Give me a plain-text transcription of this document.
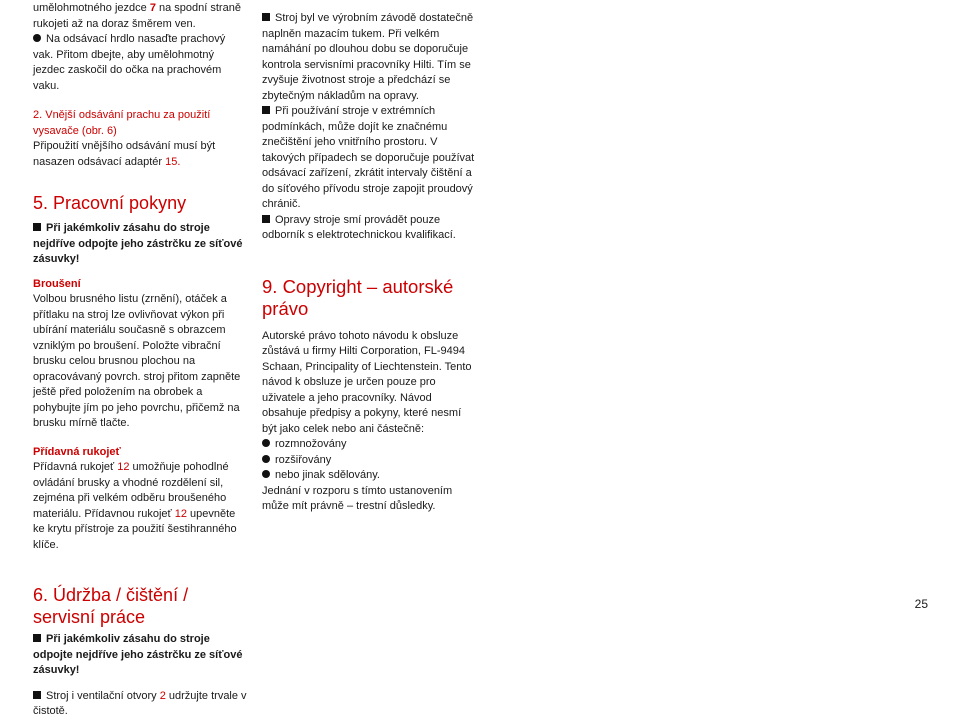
umělohmotného jezdce 7 na spodní straně rukojeti až na doraz šměrem ven.

Na odsávací hrdlo nasaďte prachový vak. Přitom dbejte, aby umělohmotný jezdec zaskočil do očka na prachovém vaku.

2. Vnější odsávání prachu za použití vysavače (obr. 6)

Připoužití vnějšího odsávání musí být nasazen odsávací adaptér 15.

5. Pracovní pokyny

Při jakémkoliv zásahu do stroje nejdříve odpojte jeho zástrčku ze síťové zásuvky!

Broušení

Volbou brusného listu (zrnění), otáček a přítlaku na stroj lze ovlivňovat výkon při ubírání materiálu současně s obrazcem vzniklým po broušení. Položte vibrační brusku celou brusnou plochou na opracovávaný povrch. stroj přitom zapněte ještě před položením na obrobek a pohybujte jím po jeho povrchu, přičemž na brusku mírně tlačte.

Přídavná rukojeť

Přídavná rukojeť 12 umožňuje pohodlné ovládání brusky a vhodné rozdělení sil, zejména při velkém odběru broušeného materiálu. Přídavnou rukojeť 12 upevněte ke krytu přístroje za použití šestihranného klíče.

6. Údržba / čištění / servisní práce

Při jakémkoliv zásahu do stroje odpojte nejdříve jeho zástrčku ze síťové zásuvky!

Stroj i ventilační otvory 2 udržujte trvale v čistotě.

Stroj byl ve výrobním závodě dostatečně naplněn mazacím tukem. Při velkém namáhání po dlouhou dobu se doporučuje kontrola servisními pracovníky Hilti. Tím se zvyšuje životnost stroje a předchází se zbytečným nákladům na opravy.

Při používání stroje v extrémních podmínkách, může dojít ke značnému znečištění jeho vnitřního prostoru. V takových případech se doporučuje používat odsávací zařízení, zkrátit intervaly čištění a do síťového přívodu stroje zapojit proudový chránič.

Opravy stroje smí provádět pouze odborník s elektrotechnickou kvalifikací.

9. Copyright – autorské právo

Autorské právo tohoto návodu k obsluze zůstává u firmy Hilti Corporation, FL-9494 Schaan, Principality of Liechtenstein. Tento návod k obsluze je určen pouze pro uživatele a jeho pracovníky. Návod obsahuje předpisy a pokyny, které nesmí být jako celek nebo ani částečně:

rozmnožovány

rozšiřovány

nebo jinak sdělovány.

Jednání v rozporu s tímto ustanovením může mít právně – trestní důsledky.

25
